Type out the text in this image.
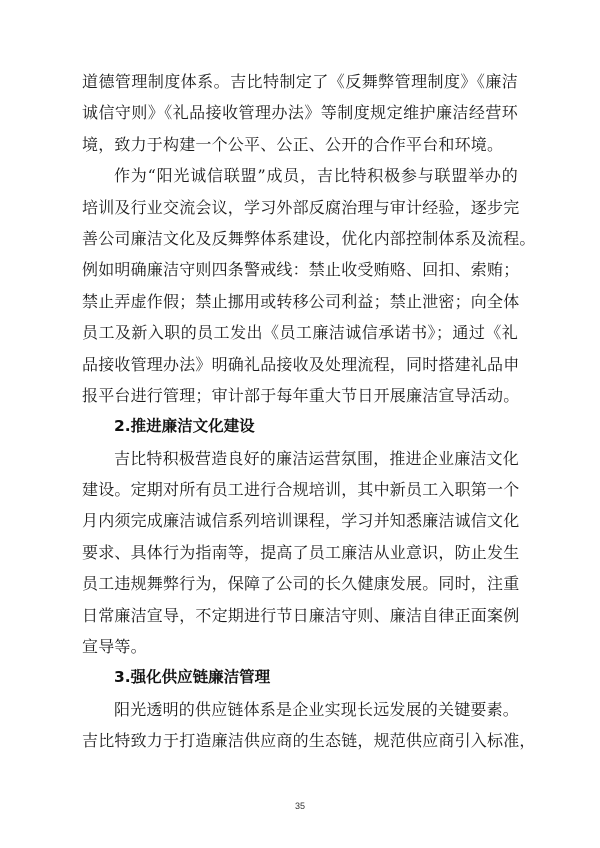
道德管理制度体系。吉比特制定了《反舞弊管理制度》《廉洁
诚信守则》《礼品接收管理办法》等制度规定维护廉洁经营环
境，致力于构建一个公平、公正、公开的合作平台和环境。
作为“阳光诚信联盟”成员，吉比特积极参与联盟举办的
培训及行业交流会议，学习外部反腐治理与审计经验，逐步完
善公司廉洁文化及反舞弊体系建设，优化内部控制体系及流程。
例如明确廉洁守则四条警戒线：禁止收受贿赂、回扣、索贿；
禁止弄虚作假；禁止挪用或转移公司利益；禁止泄密；向全体
员工及新入职的员工发出《员工廉洁诚信承诺书》；通过《礼
品接收管理办法》明确礼品接收及处理流程，同时搭建礼品申
报平台进行管理；审计部于每年重大节日开展廉洁宣导活动。
2.推进廉洁文化建设
吉比特积极营造良好的廉洁运营氛围，推进企业廉洁文化
建设。定期对所有员工进行合规培训，其中新员工入职第一个
月内须完成廉洁诚信系列培训课程，学习并知悉廉洁诚信文化
要求、具体行为指南等，提高了员工廉洁从业意识，防止发生
员工违规舞弊行为，保障了公司的长久健康发展。同时，注重
日常廉洁宣导，不定期进行节日廉洁守则、廉洁自律正面案例
宣导等。
3.强化供应链廉洁管理
阳光透明的供应链体系是企业实现长远发展的关键要素。
吉比特致力于打造廉洁供应商的生态链，规范供应商引入标准，
35
